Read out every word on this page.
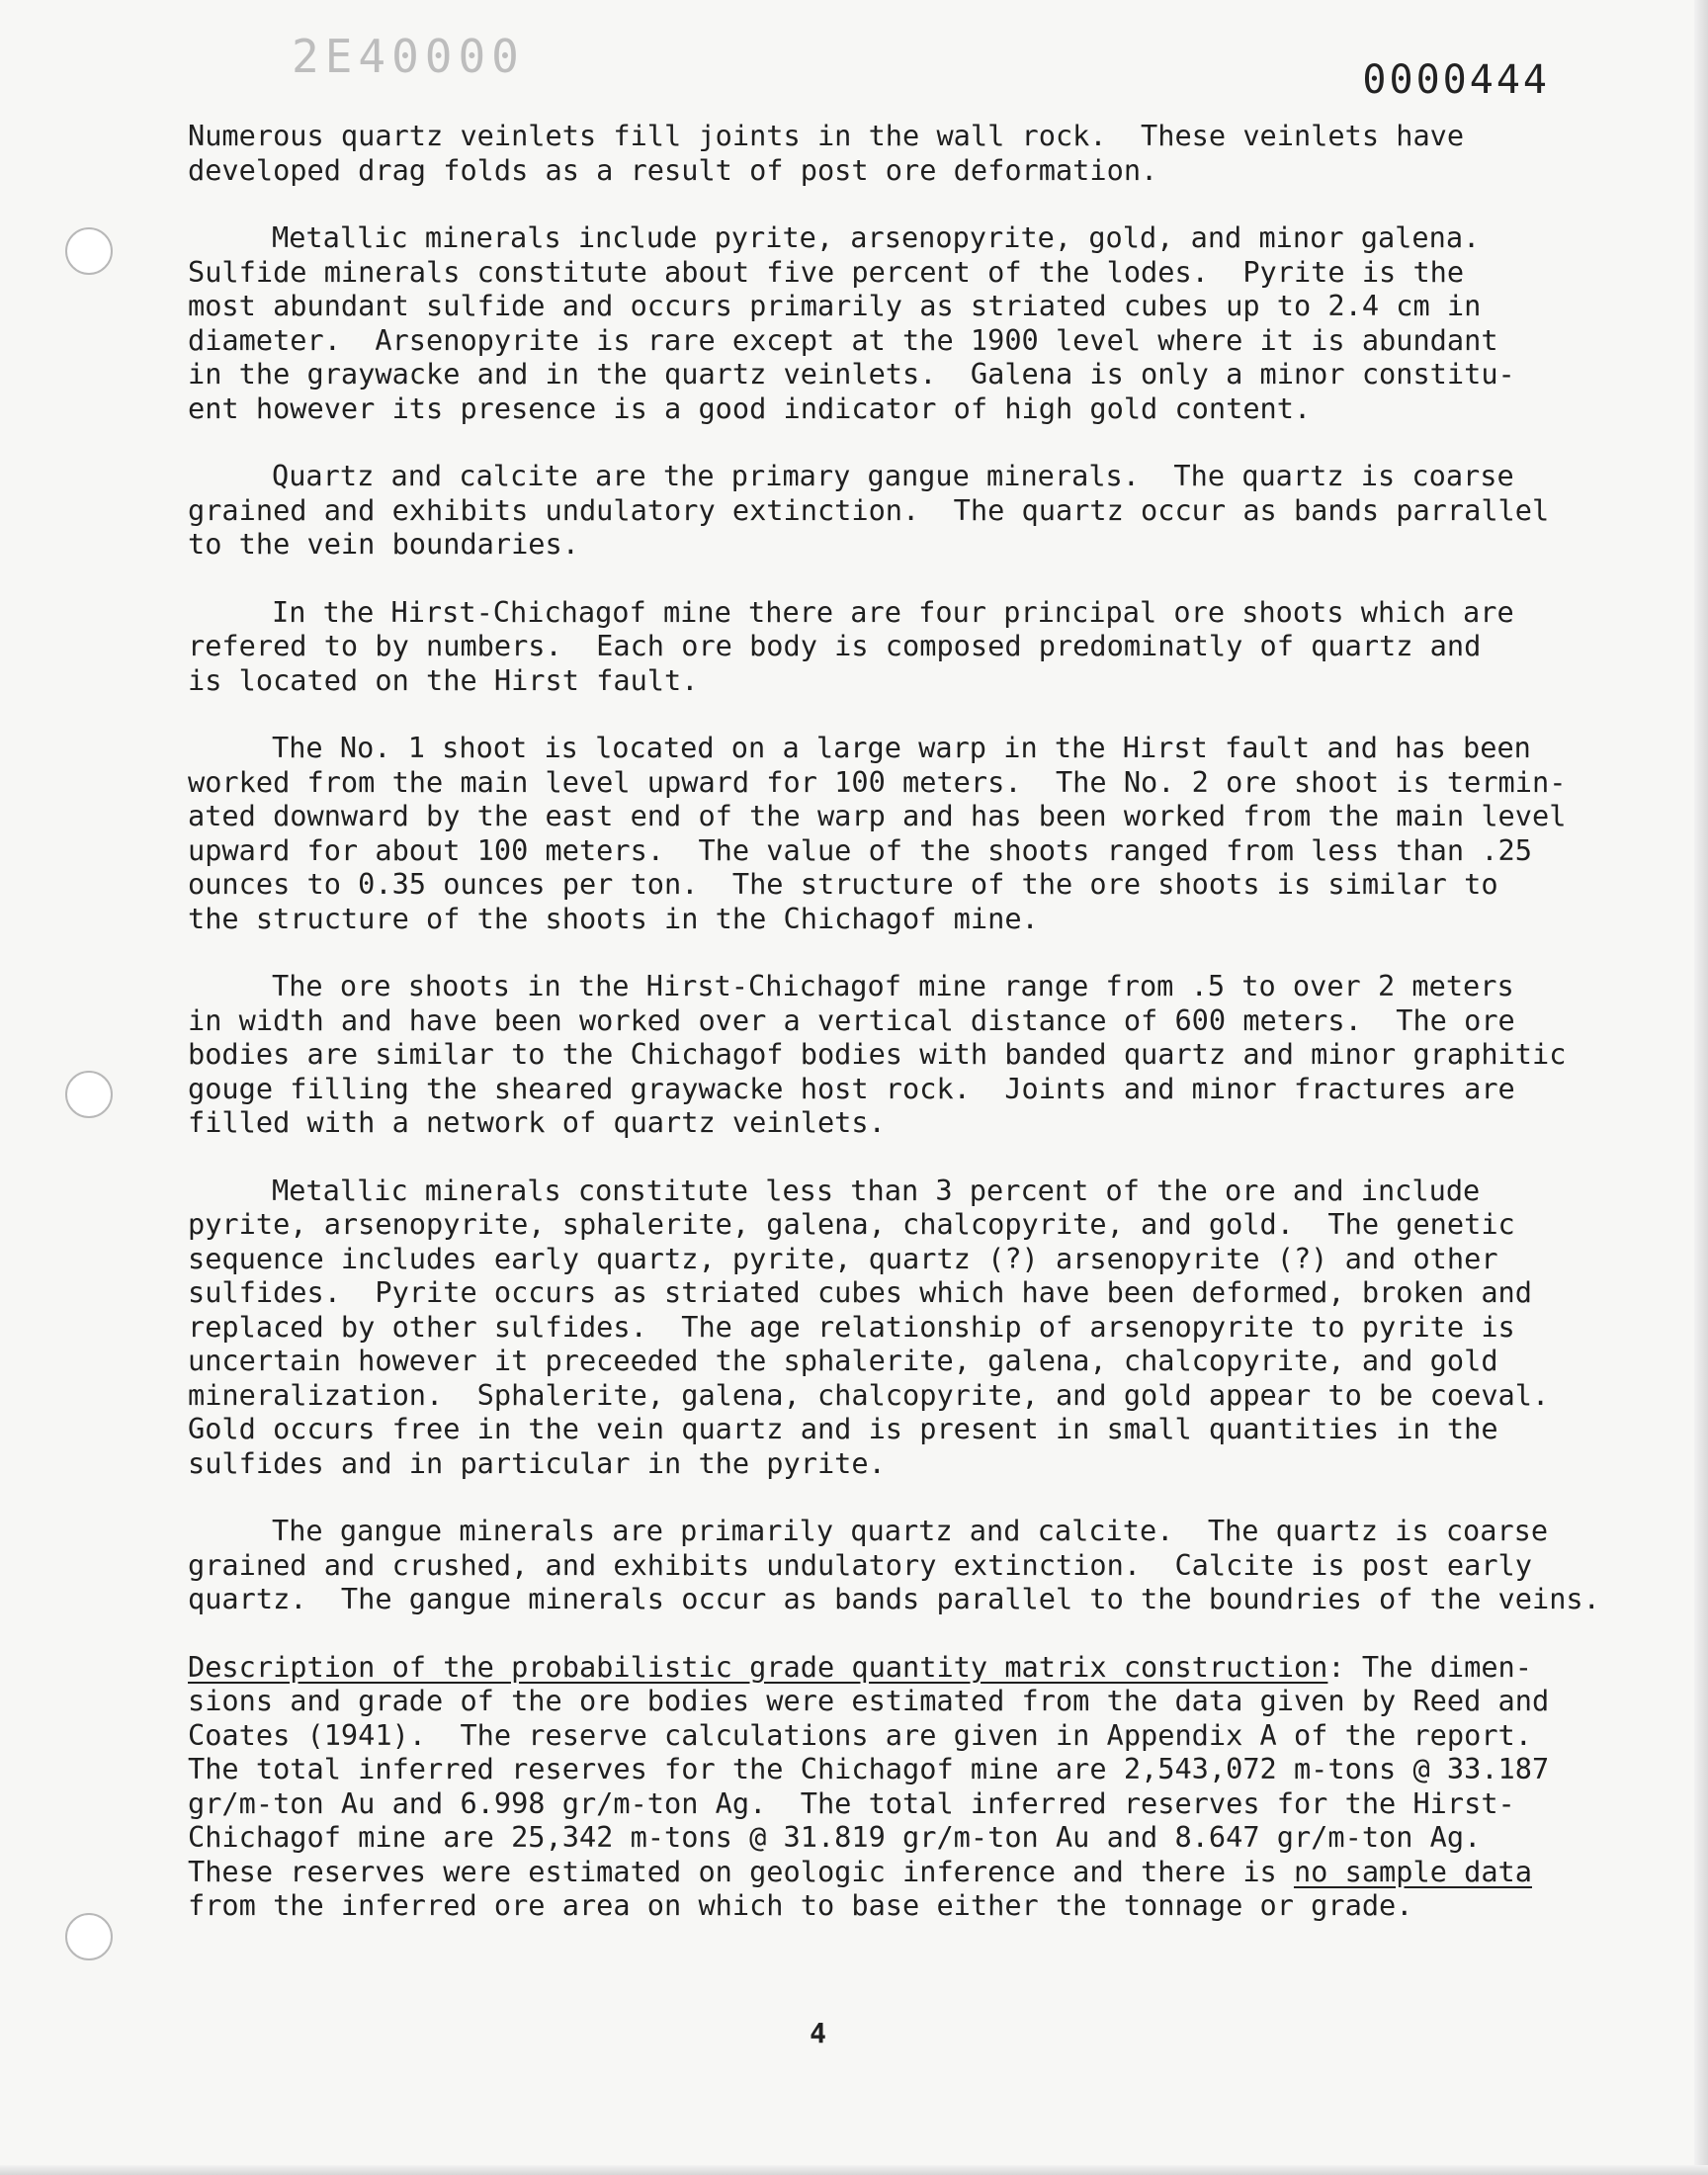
2E40000	0000444

Numerous quartz veinlets fill joints in the wall rock.  These veinlets have
developed drag folds as a result of post ore deformation.

Metallic minerals include pyrite, arsenopyrite, gold, and minor galena.
Sulfide minerals constitute about five percent of the lodes.  Pyrite is the
most abundant sulfide and occurs primarily as striated cubes up to 2.4 cm in
diameter.  Arsenopyrite is rare except at the 1900 level where it is abundant
in the graywacke and in the quartz veinlets.  Galena is only a minor constitu-
ent however its presence is a good indicator of high gold content.

Quartz and calcite are the primary gangue minerals.  The quartz is coarse
grained and exhibits undulatory extinction.  The quartz occur as bands parrallel
to the vein boundaries.

In the Hirst-Chichagof mine there are four principal ore shoots which are
refered to by numbers.  Each ore body is composed predominatly of quartz and
is located on the Hirst fault.

The No. 1 shoot is located on a large warp in the Hirst fault and has been
worked from the main level upward for 100 meters.  The No. 2 ore shoot is termin-
ated downward by the east end of the warp and has been worked from the main level
upward for about 100 meters.  The value of the shoots ranged from less than .25
ounces to 0.35 ounces per ton.  The structure of the ore shoots is similar to
the structure of the shoots in the Chichagof mine.

The ore shoots in the Hirst-Chichagof mine range from .5 to over 2 meters
in width and have been worked over a vertical distance of 600 meters.  The ore
bodies are similar to the Chichagof bodies with banded quartz and minor graphitic
gouge filling the sheared graywacke host rock.  Joints and minor fractures are
filled with a network of quartz veinlets.

Metallic minerals constitute less than 3 percent of the ore and include
pyrite, arsenopyrite, sphalerite, galena, chalcopyrite, and gold.  The genetic
sequence includes early quartz, pyrite, quartz (?) arsenopyrite (?) and other
sulfides.  Pyrite occurs as striated cubes which have been deformed, broken and
replaced by other sulfides.  The age relationship of arsenopyrite to pyrite is
uncertain however it preceeded the sphalerite, galena, chalcopyrite, and gold
mineralization.  Sphalerite, galena, chalcopyrite, and gold appear to be coeval.
Gold occurs free in the vein quartz and is present in small quantities in the
sulfides and in particular in the pyrite.

The gangue minerals are primarily quartz and calcite.  The quartz is coarse
grained and crushed, and exhibits undulatory extinction.  Calcite is post early
quartz.  The gangue minerals occur as bands parallel to the boundries of the veins.

Description of the probabilistic grade quantity matrix construction: The dimen-
sions and grade of the ore bodies were estimated from the data given by Reed and
Coates (1941).  The reserve calculations are given in Appendix A of the report.
The total inferred reserves for the Chichagof mine are 2,543,072 m-tons @ 33.187
gr/m-ton Au and 6.998 gr/m-ton Ag.  The total inferred reserves for the Hirst-
Chichagof mine are 25,342 m-tons @ 31.819 gr/m-ton Au and 8.647 gr/m-ton Ag.
These reserves were estimated on geologic inference and there is no sample data
from the inferred ore area on which to base either the tonnage or grade.

4
